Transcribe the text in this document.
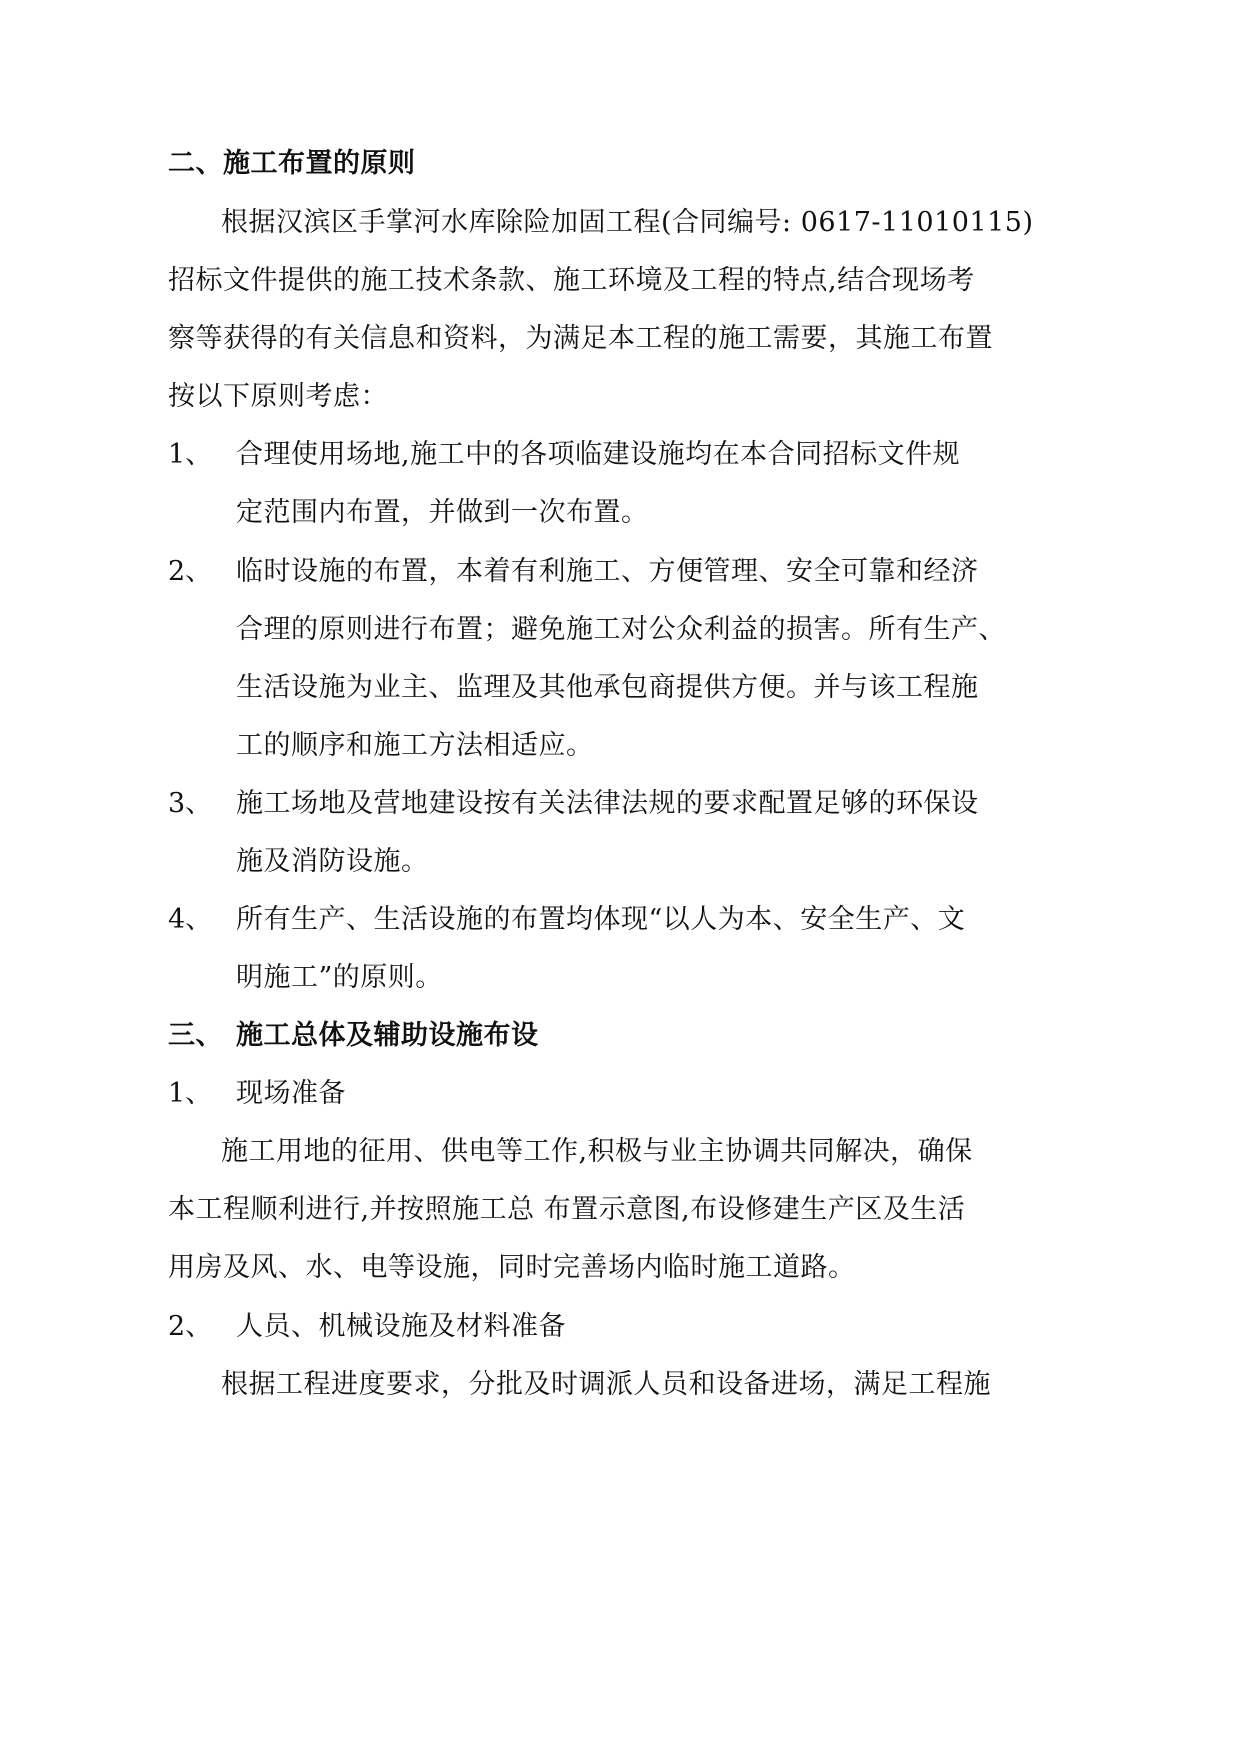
二、施工布置的原则
根据汉滨区手掌河水库除险加固工程(合同编号: 0617-11010115)
招标文件提供的施工技术条款、施工环境及工程的特点,结合现场考
察等获得的有关信息和资料，为满足本工程的施工需要，其施工布置
按以下原则考虑：
1、 合理使用场地,施工中的各项临建设施均在本合同招标文件规
定范围内布置，并做到一次布置。
2、 临时设施的布置，本着有利施工、方便管理、安全可靠和经济
合理的原则进行布置；避免施工对公众利益的损害。所有生产、
生活设施为业主、监理及其他承包商提供方便。并与该工程施
工的顺序和施工方法相适应。
3、 施工场地及营地建设按有关法律法规的要求配置足够的环保设
施及消防设施。
4、 所有生产、生活设施的布置均体现“以人为本、安全生产、文
明施工”的原则。
三、 施工总体及辅助设施布设
1、 现场准备
施工用地的征用、供电等工作,积极与业主协调共同解决，确保
本工程顺利进行,并按照施工总 布置示意图,布设修建生产区及生活
用房及风、水、电等设施，同时完善场内临时施工道路。
2、 人员、机械设施及材料准备
根据工程进度要求，分批及时调派人员和设备进场，满足工程施
